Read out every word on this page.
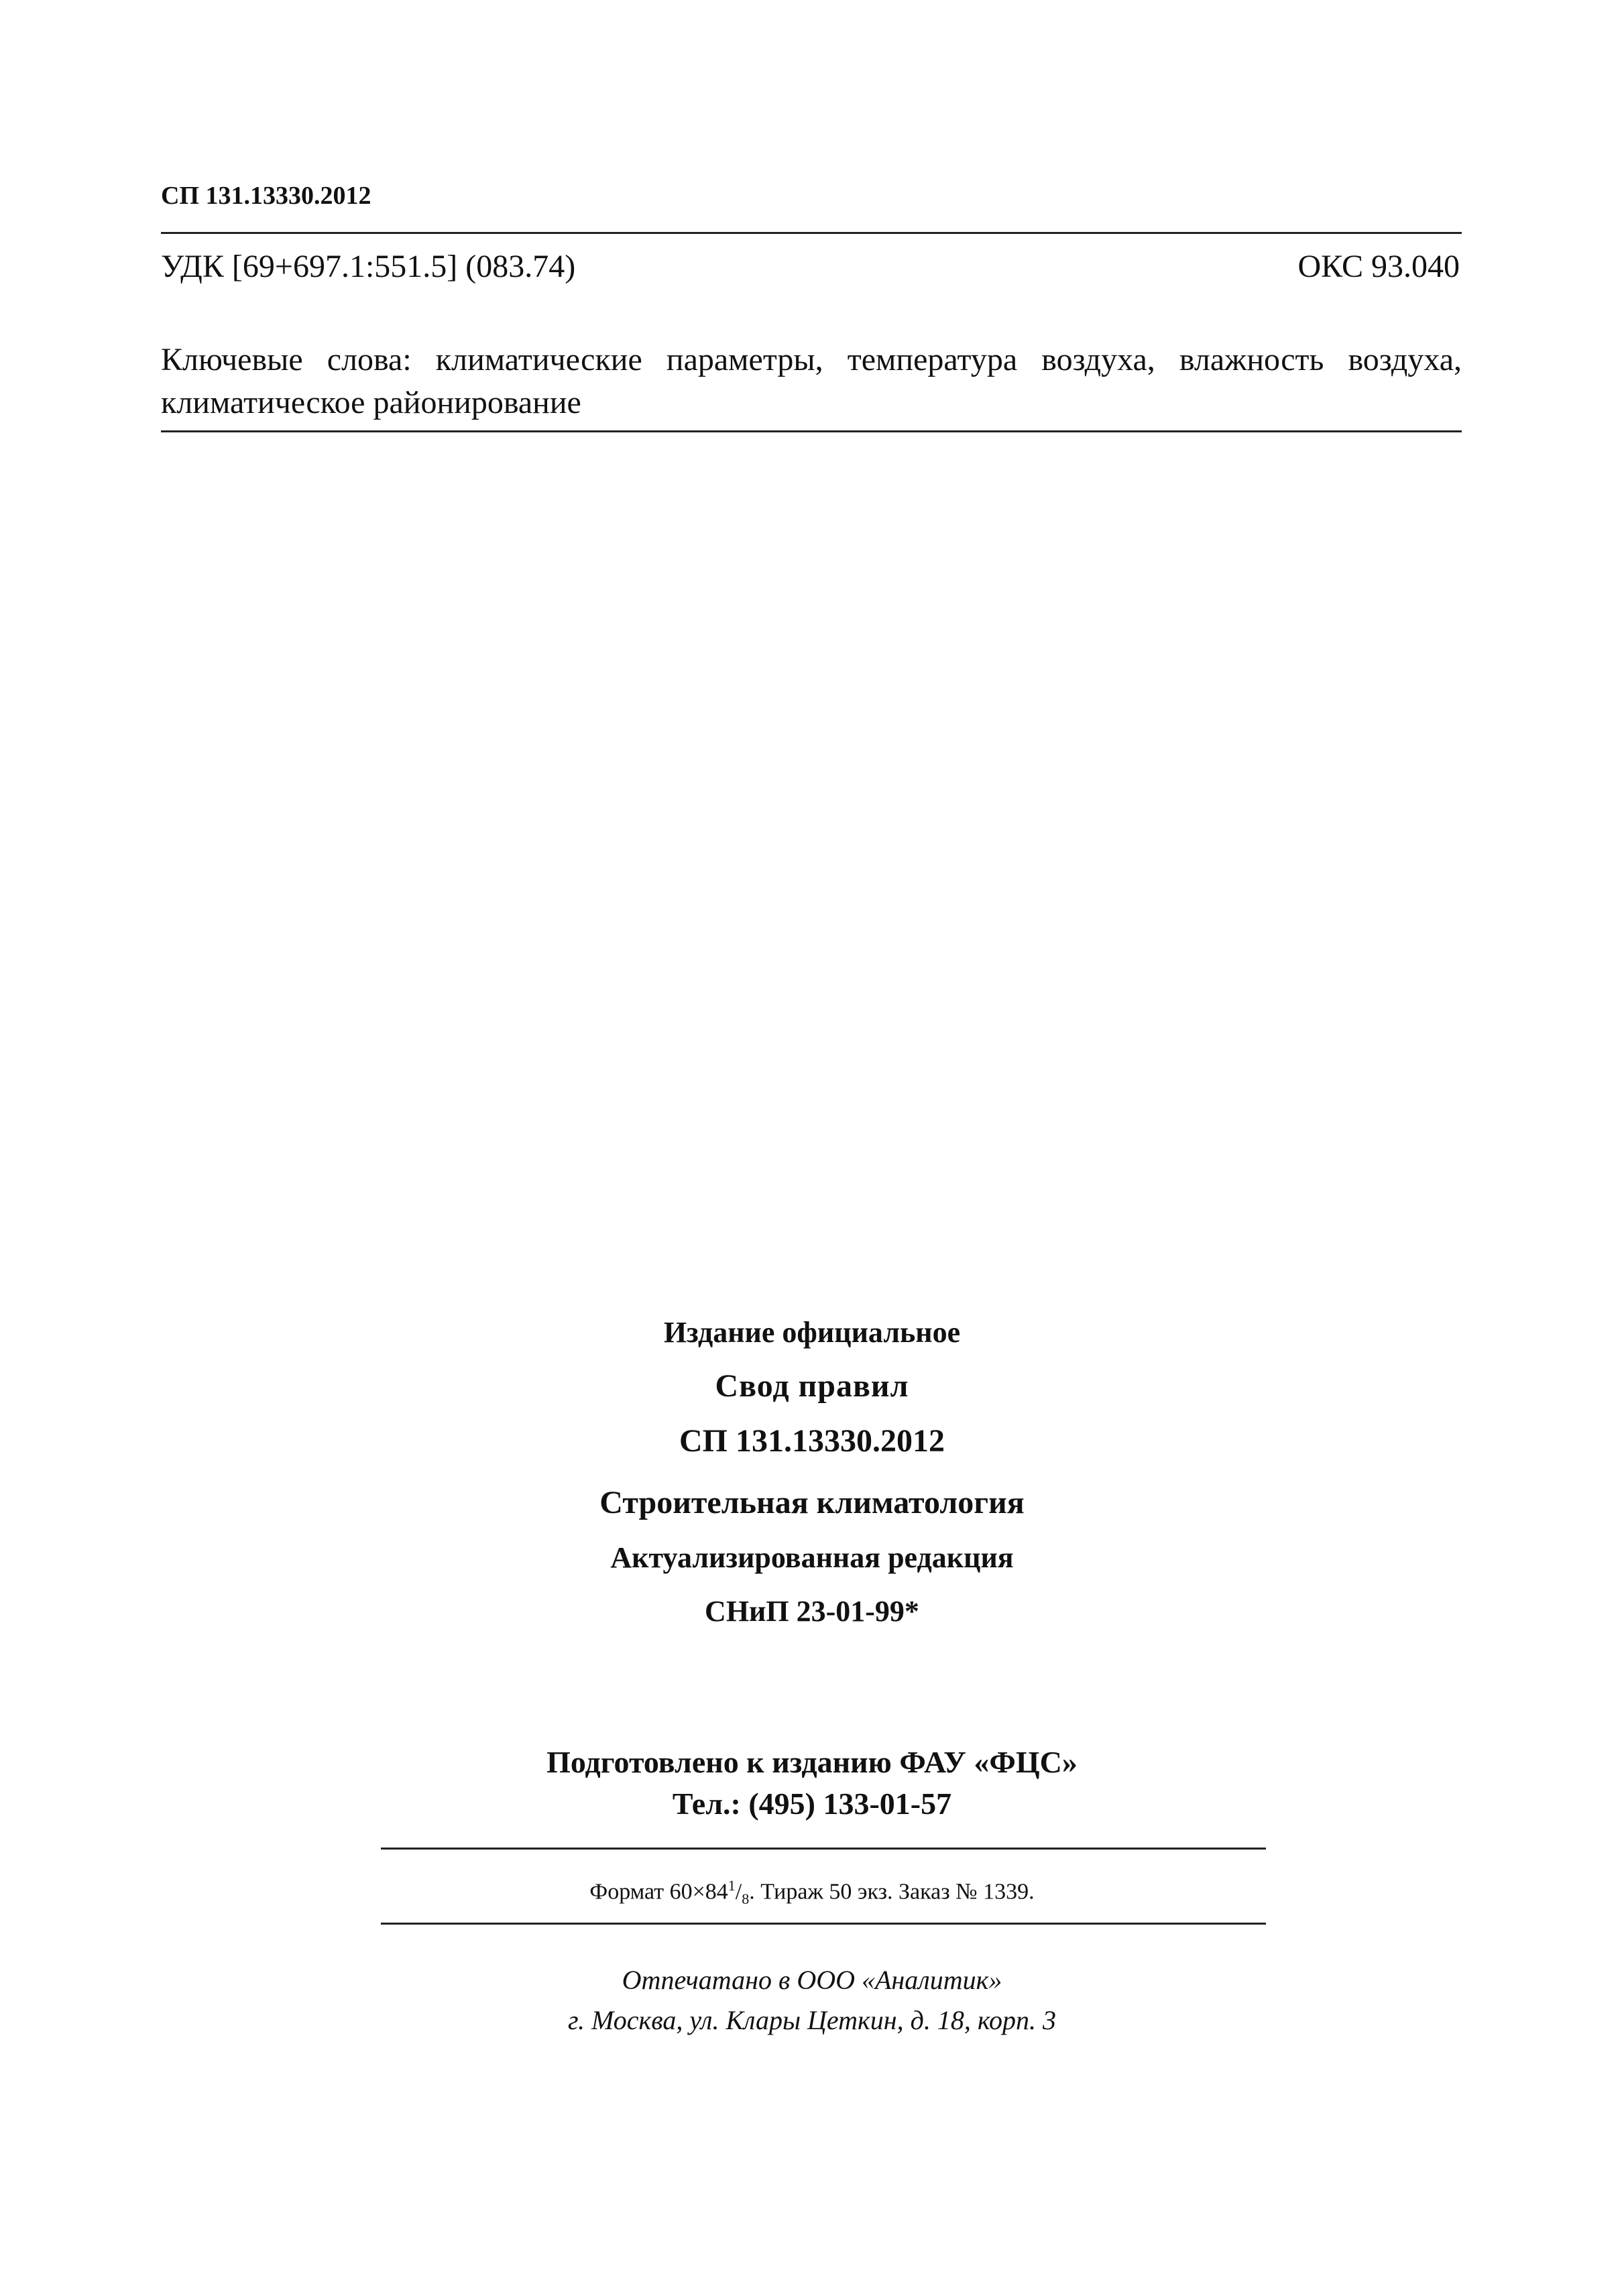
СП 131.13330.2012
УДК [69+697.1:551.5] (083.74)	ОКС 93.040
Ключевые слова: климатические параметры, температура воздуха, влажность воздуха, климатическое районирование
Издание официальное
Свод правил
СП 131.13330.2012
Строительная климатология
Актуализированная редакция
СНиП 23-01-99*
Подготовлено к изданию ФАУ «ФЦС»
Тел.: (495) 133-01-57
Формат $60\times 84^1/_8$. Тираж 50 экз. Заказ № 1339.
Отпечатано в ООО «Аналитик»
г. Москва, ул. Клары Цеткин, д. 18, корп. 3
